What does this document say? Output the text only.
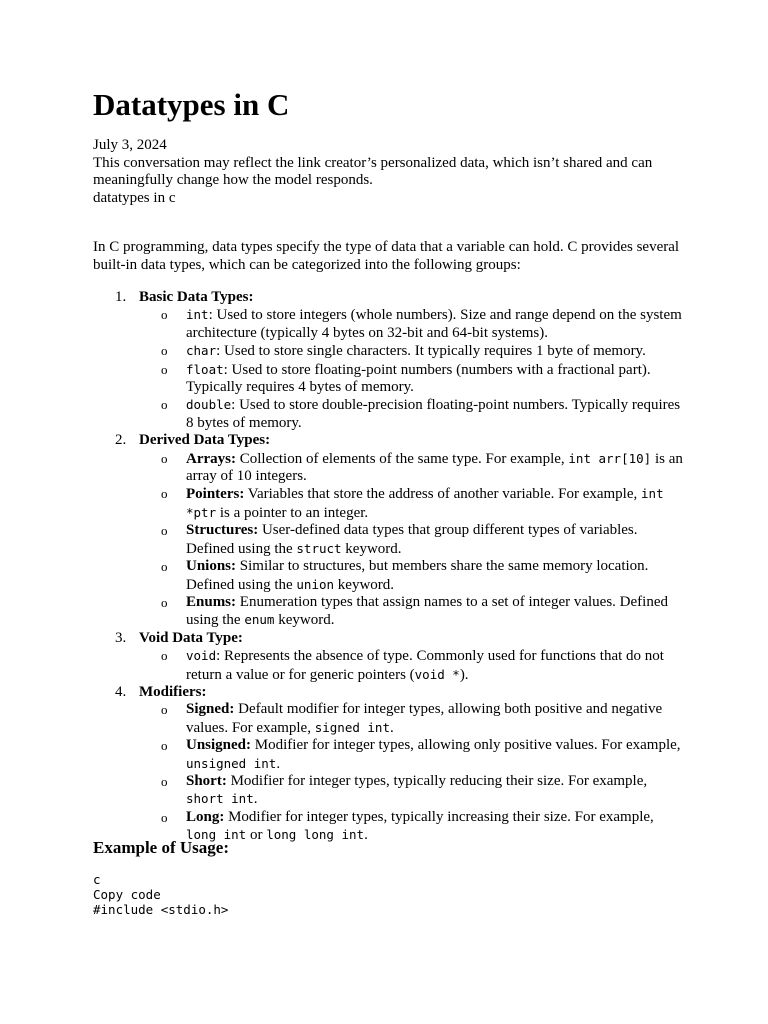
Datatypes in C
July 3, 2024
This conversation may reflect the link creator’s personalized data, which isn’t shared and can meaningfully change how the model responds.
datatypes in c

In C programming, data types specify the type of data that a variable can hold. C provides several built-in data types, which can be categorized into the following groups:

1. Basic Data Types:
o int: Used to store integers (whole numbers). Size and range depend on the system architecture (typically 4 bytes on 32-bit and 64-bit systems).
o char: Used to store single characters. It typically requires 1 byte of memory.
o float: Used to store floating-point numbers (numbers with a fractional part). Typically requires 4 bytes of memory.
o double: Used to store double-precision floating-point numbers. Typically requires 8 bytes of memory.
2. Derived Data Types:
o Arrays: Collection of elements of the same type. For example, int arr[10] is an array of 10 integers.
o Pointers: Variables that store the address of another variable. For example, int *ptr is a pointer to an integer.
o Structures: User-defined data types that group different types of variables. Defined using the struct keyword.
o Unions: Similar to structures, but members share the same memory location. Defined using the union keyword.
o Enums: Enumeration types that assign names to a set of integer values. Defined using the enum keyword.
3. Void Data Type:
o void: Represents the absence of type. Commonly used for functions that do not return a value or for generic pointers (void *).
4. Modifiers:
o Signed: Default modifier for integer types, allowing both positive and negative values. For example, signed int.
o Unsigned: Modifier for integer types, allowing only positive values. For example, unsigned int.
o Short: Modifier for integer types, typically reducing their size. For example, short int.
o Long: Modifier for integer types, typically increasing their size. For example, long int or long long int.
Example of Usage:
c
Copy code
#include <stdio.h>
